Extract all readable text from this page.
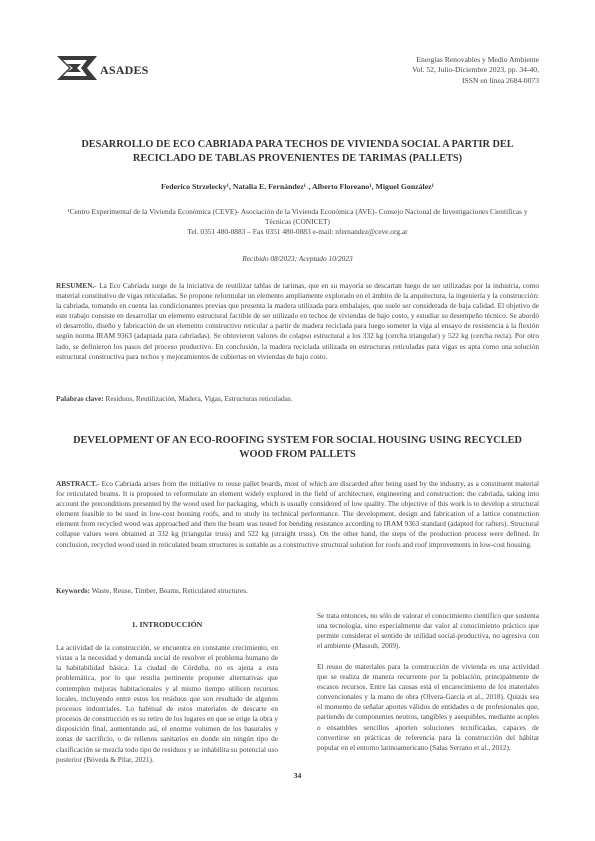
ASADES
Energías Renovables y Medio Ambiente
Vol. 52, Julio-Diciembre 2023, pp. 34-40,
ISSN en línea 2684-0073
DESARROLLO DE ECO CABRIADA PARA TECHOS DE VIVIENDA SOCIAL A PARTIR DEL RECICLADO DE TABLAS PROVENIENTES DE TARIMAS (PALLETS)
Federico Strzelecky¹, Natalia E. Fernández¹˒, Alberto Floreano¹, Miguel González¹
¹Centro Experimental de la Vivienda Económica (CEVE)- Asociación de la Vivienda Económica (AVE)- Consejo Nacional de Investigaciones Científicas y Técnicas (CONICET)
Tel. 0351 480-0883 – Fax 0351 480-0883 e-mail: nfernandez@ceve.org.ar
Recibido 08/2023; Aceptado 10/2023
RESUMEN.- La Eco Cabriada surge de la iniciativa de reutilizar tablas de tarimas, que en su mayoría se descartan luego de ser utilizadas por la industria, como material constitutivo de vigas reticuladas. Se propone reformular un elemento ampliamente explorado en el ámbito de la arquitectura, la ingeniería y la construcción: la cabriada, tomando en cuenta las condicionantes previas que presenta la madera utilizada para embalajes, que suele ser considerada de baja calidad. El objetivo de este trabajo consiste en desarrollar un elemento estructural factible de ser utilizado en techos de viviendas de bajo costo, y estudiar su desempeño técnico. Se abordó el desarrollo, diseño y fabricación de un elemento constructivo reticular a partir de madera reciclada para luego someter la viga al ensayo de resistencia a la flexión según norma IRAM 9363 (adaptada para cabriadas). Se obtuvieron valores de colapso estructural a los 332 kg (cercha triangular) y 522 kg (cercha recta). Por otro lado, se definieron los pasos del proceso productivo. En conclusión, la madera reciclada utilizada en estructuras reticuladas para vigas es apta como una solución estructural constructiva para techos y mejoramientos de cubiertas en viviendas de bajo costo.
Palabras clave: Residuos, Reutilización, Madera, Vigas, Estructuras reticuladas.
DEVELOPMENT OF AN ECO-ROOFING SYSTEM FOR SOCIAL HOUSING USING RECYCLED WOOD FROM PALLETS
ABSTRACT.- Eco Cabriada arises from the initiative to reuse pallet boards, most of which are discarded after being used by the industry, as a constituent material for reticulated beams. It is proposed to reformulate an element widely explored in the field of architecture, engineering and construction: the cabriada, taking into account the preconditions presented by the wood used for packaging, which is usually considered of low quality. The objective of this work is to develop a structural element feasible to be used in low-cost housing roofs, and to study its technical performance. The development, design and fabrication of a lattice construction element from recycled wood was approached and then the beam was tested for bending resistance according to IRAM 9363 standard (adapted for rafters). Structural collapse values were obtained at 332 kg (triangular truss) and 522 kg (straight truss). On the other hand, the steps of the production process were defined. In conclusion, recycled wood used in reticulated beam structures is suitable as a constructive structural solution for roofs and roof improvements in low-cost housing.
Keywords: Waste, Reuse, Timber, Beams, Reticulated structures.
1. INTRODUCCIÓN

La actividad de la construcción, se encuentra en constante crecimiento, en vistas a la necesidad y demanda social de resolver el problema humano de la habitabilidad básica. La ciudad de Córdoba, no es ajena a esta problemática, por lo que resulta pertinente proponer alternativas que contemplen mejoras habitacionales y al mismo tiempo utilicen recursos locales, incluyendo entre estos los residuos que son resultado de algunos procesos industriales. Lo habitual de estos materiales de descarte en procesos de construcción es su retiro de los lugares en que se erige la obra y disposición final, aumentando así, el enorme volumen de los basurales y zonas de sacrificio, o de rellenos sanitarios en donde sin ningún tipo de clasificación se mezcla todo tipo de residuos y se inhabilita su potencial uso posterior (Bóveda & Pilar, 2021).

Se trata entonces, no sólo de valorar el conocimiento científico que sustenta una tecnología, sino especialmente dar valor al conocimiento práctico que permite considerar el sentido de utilidad social-productiva, no agresiva con el ambiente (Massuh, 2009).

El reuso de materiales para la construcción de vivienda es una actividad que se realiza de manera recurrente por la población, principalmente de escasos recursos. Entre las causas está el encarecimiento de los materiales convencionales y la mano de obra (Olvera-García et al., 2018). Quizás sea el momento de señalar aportes válidos de entidades o de profesionales que, partiendo de componentes neutros, tangibles y asequibles, mediante acoples o ensambles sencillos aporten soluciones tecnificadas, capaces de convertirse en prácticas de referencia para la construcción del hábitat popular en el entorno latinoamericano (Salas Serrano et al., 2012).

34
